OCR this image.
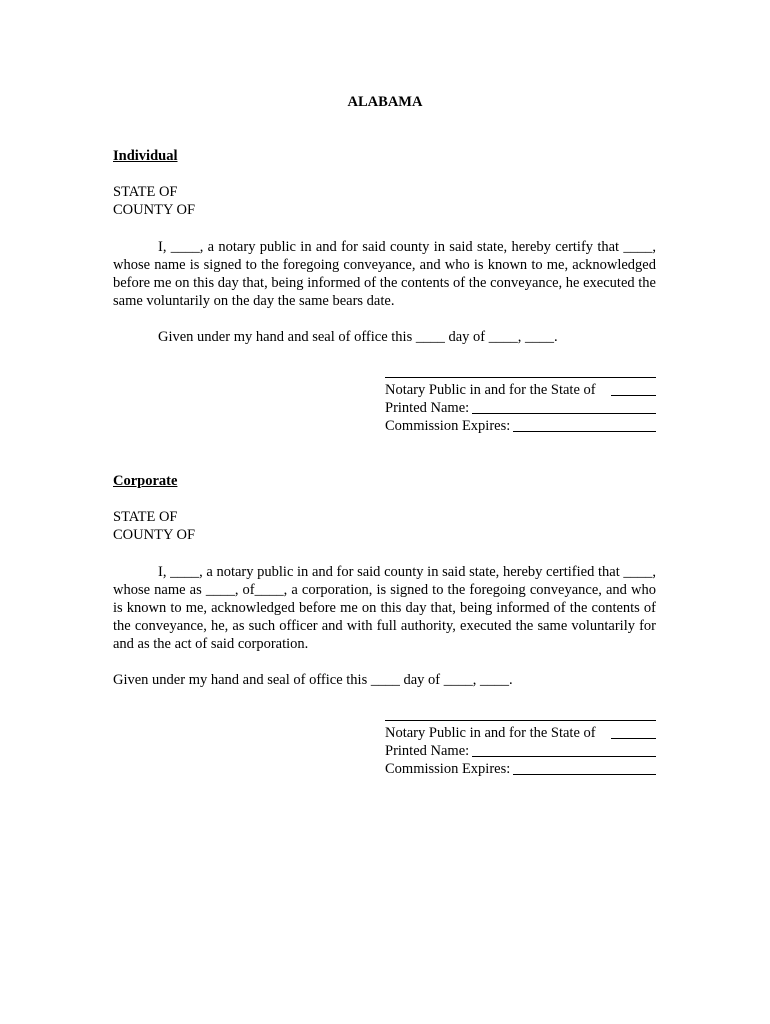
ALABAMA
Individual
STATE OF
COUNTY OF
I, ____, a notary public in and for said county in said state, hereby certify that ____, whose name is signed to the foregoing conveyance, and who is known to me, acknowledged before me on this day that, being informed of the contents of the conveyance, he executed the same voluntarily on the day the same bears date.
Given under my hand and seal of office this ____ day of ____, ____.
Notary Public in and for the State of
Printed Name:
Commission Expires:
Corporate
STATE OF
COUNTY OF
I, ____, a notary public in and for said county in said state, hereby certified that ____, whose name as ____, of____, a corporation, is signed to the foregoing conveyance, and who is known to me, acknowledged before me on this day that, being informed of the contents of the conveyance, he, as such officer and with full authority, executed the same voluntarily for and as the act of said corporation.
Given under my hand and seal of office this ____ day of ____, ____.
Notary Public in and for the State of
Printed Name:
Commission Expires:
